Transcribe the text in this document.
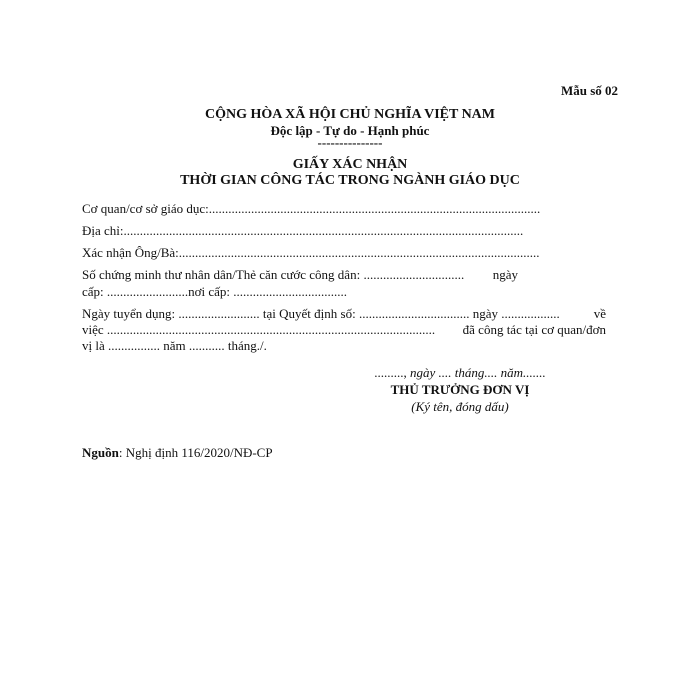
Mẫu số 02
CỘNG HÒA XÃ HỘI CHỦ NGHĨA VIỆT NAM
Độc lập - Tự do - Hạnh phúc
---------------
GIẤY XÁC NHẬN
THỜI GIAN CÔNG TÁC TRONG NGÀNH GIÁO DỤC
Cơ quan/cơ sở giáo dục:......................................................................................................
Địa chỉ:...........................................................................................................................
Xác nhận Ông/Bà:...............................................................................................................
Số chứng minh thư nhân dân/Thẻ căn cước công dân: ............................... ngày
cấp: .........................nơi cấp: ...................................
Ngày tuyển dụng: ......................... tại Quyết định số: .................................. ngày ..................	về
việc ..................................................................................................... đã công tác tại cơ quan/đơn
vị là ................ năm ........... tháng./.
........., ngày .... tháng.... năm.......
THỦ TRƯỞNG ĐƠN VỊ
(Ký tên, đóng dấu)
Nguồn: Nghị định 116/2020/NĐ-CP
